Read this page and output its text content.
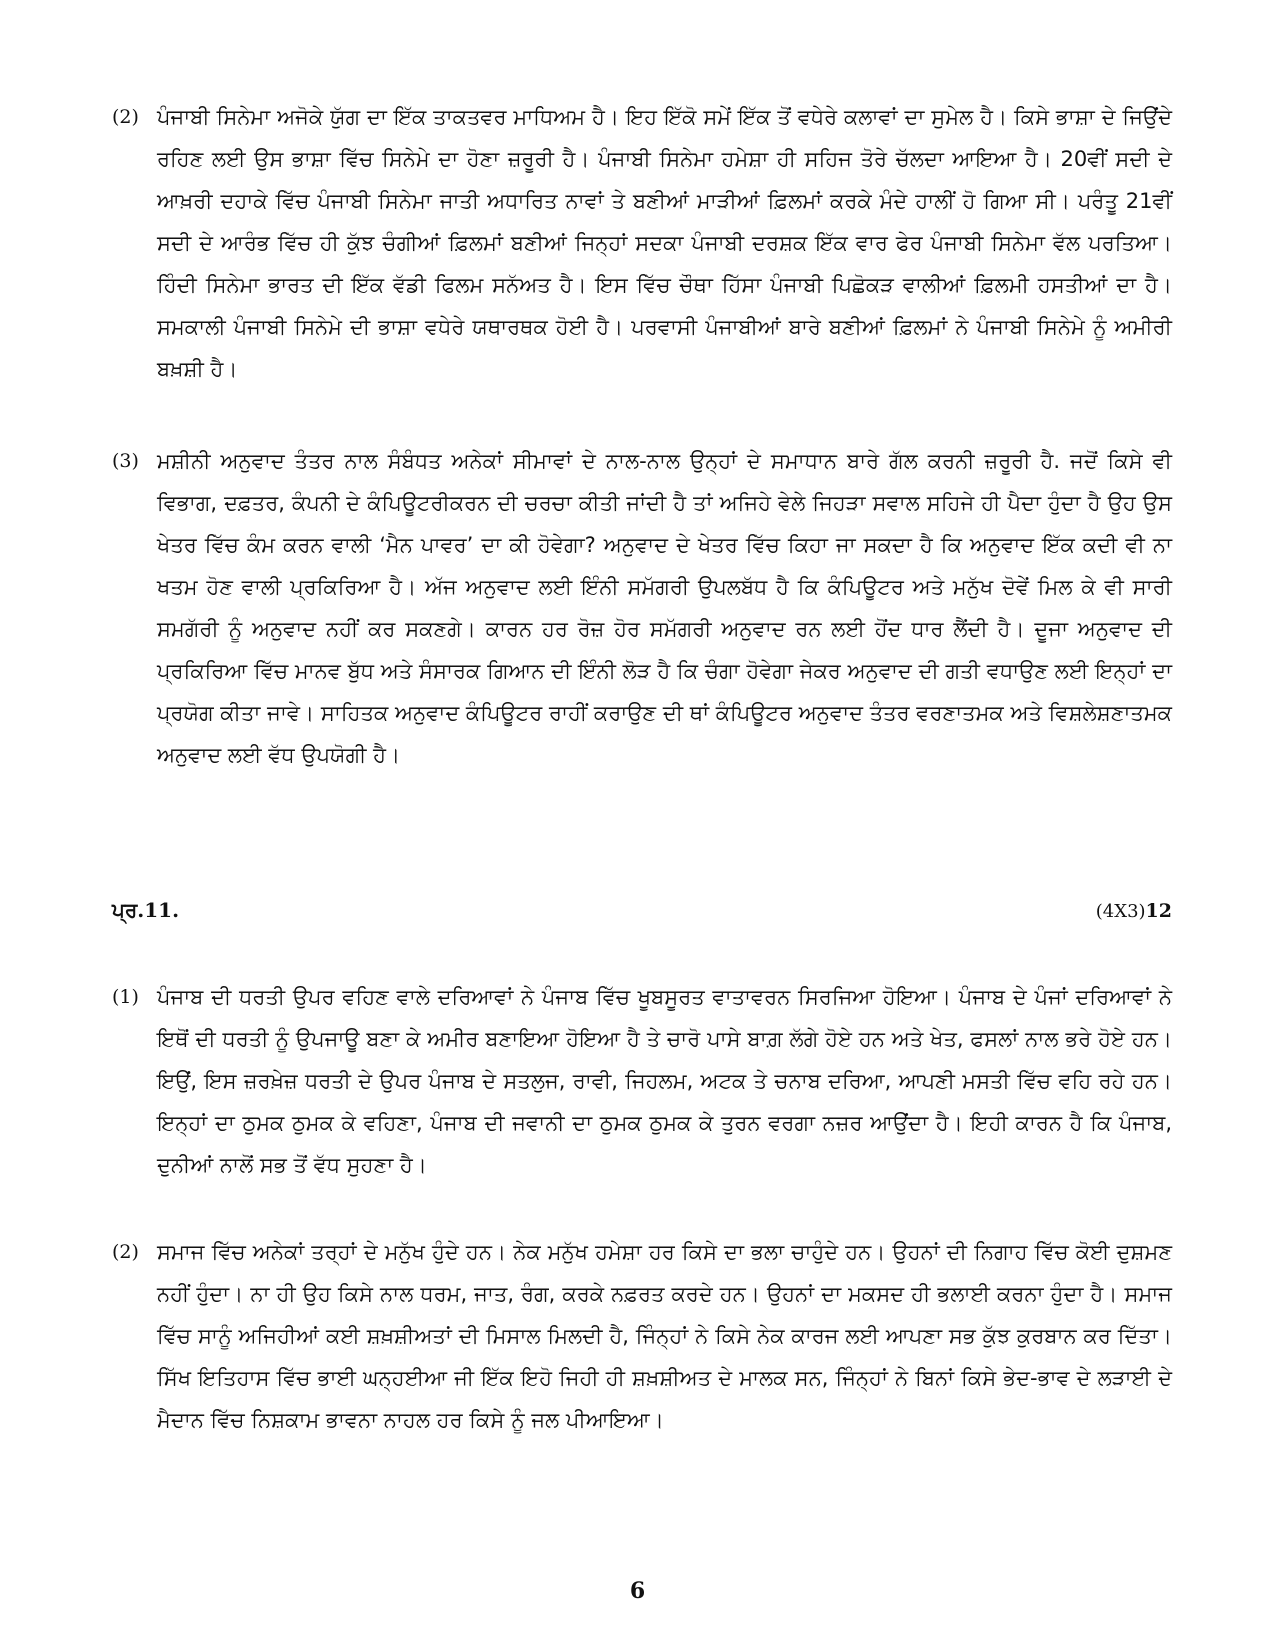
(2) ਪੰਜਾਬੀ ਸਿਨੇਮਾ ਅਜੋਕੇ ਯੁੱਗ ਦਾ ਇੱਕ ਤਾਕਤਵਰ ਮਾਧਿਅਮ ਹੈ। ਇਹ ਇੱਕੋ ਸਮੇਂ ਇੱਕ ਤੋਂ ਵਧੇਰੇ ਕਲਾਵਾਂ ਦਾ ਸੁਮੇਲ ਹੈ। ਕਿਸੇ ਭਾਸ਼ਾ ਦੇ ਜਿਉਂਦੇ ਰਹਿਣ ਲਈ ਉਸ ਭਾਸ਼ਾ ਵਿੱਚ ਸਿਨੇਮੇ ਦਾ ਹੋਣਾ ਜ਼ਰੂਰੀ ਹੈ। ਪੰਜਾਬੀ ਸਿਨੇਮਾ ਹਮੇਸ਼ਾ ਹੀ ਸਹਿਜ ਤੋਰੇ ਚੱਲਦਾ ਆਇਆ ਹੈ। 20ਵੀਂ ਸਦੀ ਦੇ ਆਖ਼ਰੀ ਦਹਾਕੇ ਵਿੱਚ ਪੰਜਾਬੀ ਸਿਨੇਮਾ ਜਾਤੀ ਅਧਾਰਿਤ ਨਾਵਾਂ ਤੇ ਬਣੀਆਂ ਮਾੜੀਆਂ ਫ਼ਿਲਮਾਂ ਕਰਕੇ ਮੰਦੇ ਹਾਲੀਂ ਹੋ ਗਿਆ ਸੀ। ਪਰੰਤੂ 21ਵੀਂ ਸਦੀ ਦੇ ਆਰੰਭ ਵਿੱਚ ਹੀ ਕੁੱਝ ਚੰਗੀਆਂ ਫ਼ਿਲਮਾਂ ਬਣੀਆਂ ਜਿਨ੍ਹਾਂ ਸਦਕਾ ਪੰਜਾਬੀ ਦਰਸ਼ਕ ਇੱਕ ਵਾਰ ਫੇਰ ਪੰਜਾਬੀ ਸਿਨੇਮਾ ਵੱਲ ਪਰਤਿਆ। ਹਿੰਦੀ ਸਿਨੇਮਾ ਭਾਰਤ ਦੀ ਇੱਕ ਵੱਡੀ ਫਿਲਮ ਸਨੱਅਤ ਹੈ। ਇਸ ਵਿੱਚ ਚੌਥਾ ਹਿੱਸਾ ਪੰਜਾਬੀ ਪਿਛੋਕੜ ਵਾਲੀਆਂ ਫ਼ਿਲਮੀ ਹਸਤੀਆਂ ਦਾ ਹੈ। ਸਮਕਾਲੀ ਪੰਜਾਬੀ ਸਿਨੇਮੇ ਦੀ ਭਾਸ਼ਾ ਵਧੇਰੇ ਯਥਾਰਥਕ ਹੋਈ ਹੈ। ਪਰਵਾਸੀ ਪੰਜਾਬੀਆਂ ਬਾਰੇ ਬਣੀਆਂ ਫ਼ਿਲਮਾਂ ਨੇ ਪੰਜਾਬੀ ਸਿਨੇਮੇ ਨੂੰ ਅਮੀਰੀ ਬਖ਼ਸ਼ੀ ਹੈ।
(3) ਮਸ਼ੀਨੀ ਅਨੁਵਾਦ ਤੰਤਰ ਨਾਲ ਸੰਬੰਧਤ ਅਨੇਕਾਂ ਸੀਮਾਵਾਂ ਦੇ ਨਾਲ-ਨਾਲ ਉਨ੍ਹਾਂ ਦੇ ਸਮਾਧਾਨ ਬਾਰੇ ਗੱਲ ਕਰਨੀ ਜ਼ਰੂਰੀ ਹੈ. ਜਦੋਂ ਕਿਸੇ ਵੀ ਵਿਭਾਗ, ਦਫ਼ਤਰ, ਕੰਪਨੀ ਦੇ ਕੰਪਿਊਟਰੀਕਰਨ ਦੀ ਚਰਚਾ ਕੀਤੀ ਜਾਂਦੀ ਹੈ ਤਾਂ ਅਜਿਹੇ ਵੇਲੇ ਜਿਹੜਾ ਸਵਾਲ ਸਹਿਜੇ ਹੀ ਪੈਦਾ ਹੁੰਦਾ ਹੈ ਉਹ ਉਸ ਖੇਤਰ ਵਿੱਚ ਕੰਮ ਕਰਨ ਵਾਲੀ ‘ਮੈਨ ਪਾਵਰ’ ਦਾ ਕੀ ਹੋਵੇਗਾ? ਅਨੁਵਾਦ ਦੇ ਖੇਤਰ ਵਿੱਚ ਕਿਹਾ ਜਾ ਸਕਦਾ ਹੈ ਕਿ ਅਨੁਵਾਦ ਇੱਕ ਕਦੀ ਵੀ ਨਾ ਖਤਮ ਹੋਣ ਵਾਲੀ ਪ੍ਰਕਿਰਿਆ ਹੈ। ਅੱਜ ਅਨੁਵਾਦ ਲਈ ਇੰਨੀ ਸਮੱਗਰੀ ਉਪਲਬੱਧ ਹੈ ਕਿ ਕੰਪਿਊਟਰ ਅਤੇ ਮਨੁੱਖ ਦੋਵੇਂ ਮਿਲ ਕੇ ਵੀ ਸਾਰੀ ਸਮਗੱਰੀ ਨੂੰ ਅਨੁਵਾਦ ਨਹੀਂ ਕਰ ਸਕਣਗੇ। ਕਾਰਨ ਹਰ ਰੋਜ਼ ਹੋਰ ਸਮੱਗਰੀ ਅਨੁਵਾਦ ਰਨ ਲਈ ਹੋਂਦ ਧਾਰ ਲੈਂਦੀ ਹੈ। ਦੂਜਾ ਅਨੁਵਾਦ ਦੀ ਪ੍ਰਕਿਰਿਆ ਵਿੱਚ ਮਾਨਵ ਬੁੱਧ ਅਤੇ ਸੰਸਾਰਕ ਗਿਆਨ ਦੀ ਇੰਨੀ ਲੋੜ ਹੈ ਕਿ ਚੰਗਾ ਹੋਵੇਗਾ ਜੇਕਰ ਅਨੁਵਾਦ ਦੀ ਗਤੀ ਵਧਾਉਣ ਲਈ ਇਨ੍ਹਾਂ ਦਾ ਪ੍ਰਯੋਗ ਕੀਤਾ ਜਾਵੇ। ਸਾਹਿਤਕ ਅਨੁਵਾਦ ਕੰਪਿਊਟਰ ਰਾਹੀਂ ਕਰਾਉਣ ਦੀ ਥਾਂ ਕੰਪਿਊਟਰ ਅਨੁਵਾਦ ਤੰਤਰ ਵਰਣਾਤਮਕ ਅਤੇ ਵਿਸ਼ਲੇਸ਼ਣਾਤਮਕ ਅਨੁਵਾਦ ਲਈ ਵੱਧ ਉਪਯੋਗੀ ਹੈ।
ਪ੍ਰ.11.	(4X3)12
(1) ਪੰਜਾਬ ਦੀ ਧਰਤੀ ਉਪਰ ਵਹਿਣ ਵਾਲੇ ਦਰਿਆਵਾਂ ਨੇ ਪੰਜਾਬ ਵਿੱਚ ਖੂਬਸੂਰਤ ਵਾਤਾਵਰਨ ਸਿਰਜਿਆ ਹੋਇਆ। ਪੰਜਾਬ ਦੇ ਪੰਜਾਂ ਦਰਿਆਵਾਂ ਨੇ ਇਥੋਂ ਦੀ ਧਰਤੀ ਨੂੰ ਉਪਜਾਊ ਬਣਾ ਕੇ ਅਮੀਰ ਬਣਾਇਆ ਹੋਇਆ ਹੈ ਤੇ ਚਾਰੋ ਪਾਸੇ ਬਾਗ਼ ਲੱਗੇ ਹੋਏ ਹਨ ਅਤੇ ਖੇਤ, ਫਸਲਾਂ ਨਾਲ ਭਰੇ ਹੋਏ ਹਨ। ਇਉਂ, ਇਸ ਜ਼ਰਖ਼ੇਜ਼ ਧਰਤੀ ਦੇ ਉਪਰ ਪੰਜਾਬ ਦੇ ਸਤਲੁਜ, ਰਾਵੀ, ਜਿਹਲਮ, ਅਟਕ ਤੇ ਚਨਾਬ ਦਰਿਆ, ਆਪਣੀ ਮਸਤੀ ਵਿੱਚ ਵਹਿ ਰਹੇ ਹਨ। ਇਨ੍ਹਾਂ ਦਾ ਠੁਮਕ ਠੁਮਕ ਕੇ ਵਹਿਣਾ, ਪੰਜਾਬ ਦੀ ਜਵਾਨੀ ਦਾ ਠੁਮਕ ਠੁਮਕ ਕੇ ਤੁਰਨ ਵਰਗਾ ਨਜ਼ਰ ਆਉਂਦਾ ਹੈ। ਇਹੀ ਕਾਰਨ ਹੈ ਕਿ ਪੰਜਾਬ, ਦੁਨੀਆਂ ਨਾਲੋਂ ਸਭ ਤੋਂ ਵੱਧ ਸੁਹਣਾ ਹੈ।
(2) ਸਮਾਜ ਵਿੱਚ ਅਨੇਕਾਂ ਤਰ੍ਹਾਂ ਦੇ ਮਨੁੱਖ ਹੁੰਦੇ ਹਨ। ਨੇਕ ਮਨੁੱਖ ਹਮੇਸ਼ਾ ਹਰ ਕਿਸੇ ਦਾ ਭਲਾ ਚਾਹੁੰਦੇ ਹਨ। ਉਹਨਾਂ ਦੀ ਨਿਗਾਹ ਵਿੱਚ ਕੋਈ ਦੁਸ਼ਮਣ ਨਹੀਂ ਹੁੰਦਾ। ਨਾ ਹੀ ਉਹ ਕਿਸੇ ਨਾਲ ਧਰਮ, ਜਾਤ, ਰੰਗ, ਕਰਕੇ ਨਫ਼ਰਤ ਕਰਦੇ ਹਨ। ਉਹਨਾਂ ਦਾ ਮਕਸਦ ਹੀ ਭਲਾਈ ਕਰਨਾ ਹੁੰਦਾ ਹੈ। ਸਮਾਜ ਵਿੱਚ ਸਾਨੂੰ ਅਜਿਹੀਆਂ ਕਈ ਸ਼ਖ਼ਸ਼ੀਅਤਾਂ ਦੀ ਮਿਸਾਲ ਮਿਲਦੀ ਹੈ, ਜਿੰਨ੍ਹਾਂ ਨੇ ਕਿਸੇ ਨੇਕ ਕਾਰਜ ਲਈ ਆਪਣਾ ਸਭ ਕੁੱਝ ਕੁਰਬਾਨ ਕਰ ਦਿੱਤਾ। ਸਿੱਖ ਇਤਿਹਾਸ ਵਿੱਚ ਭਾਈ ਘਨ੍ਹਈਆ ਜੀ ਇੱਕ ਇਹੋ ਜਿਹੀ ਹੀ ਸ਼ਖ਼ਸ਼ੀਅਤ ਦੇ ਮਾਲਕ ਸਨ, ਜਿੰਨ੍ਹਾਂ ਨੇ ਬਿਨਾਂ ਕਿਸੇ ਭੇਦ-ਭਾਵ ਦੇ ਲੜਾਈ ਦੇ ਮੈਦਾਨ ਵਿੱਚ ਨਿਸ਼ਕਾਮ ਭਾਵਨਾ ਨਾਹਲ ਹਰ ਕਿਸੇ ਨੂੰ ਜਲ ਪੀਆਇਆ।
6
